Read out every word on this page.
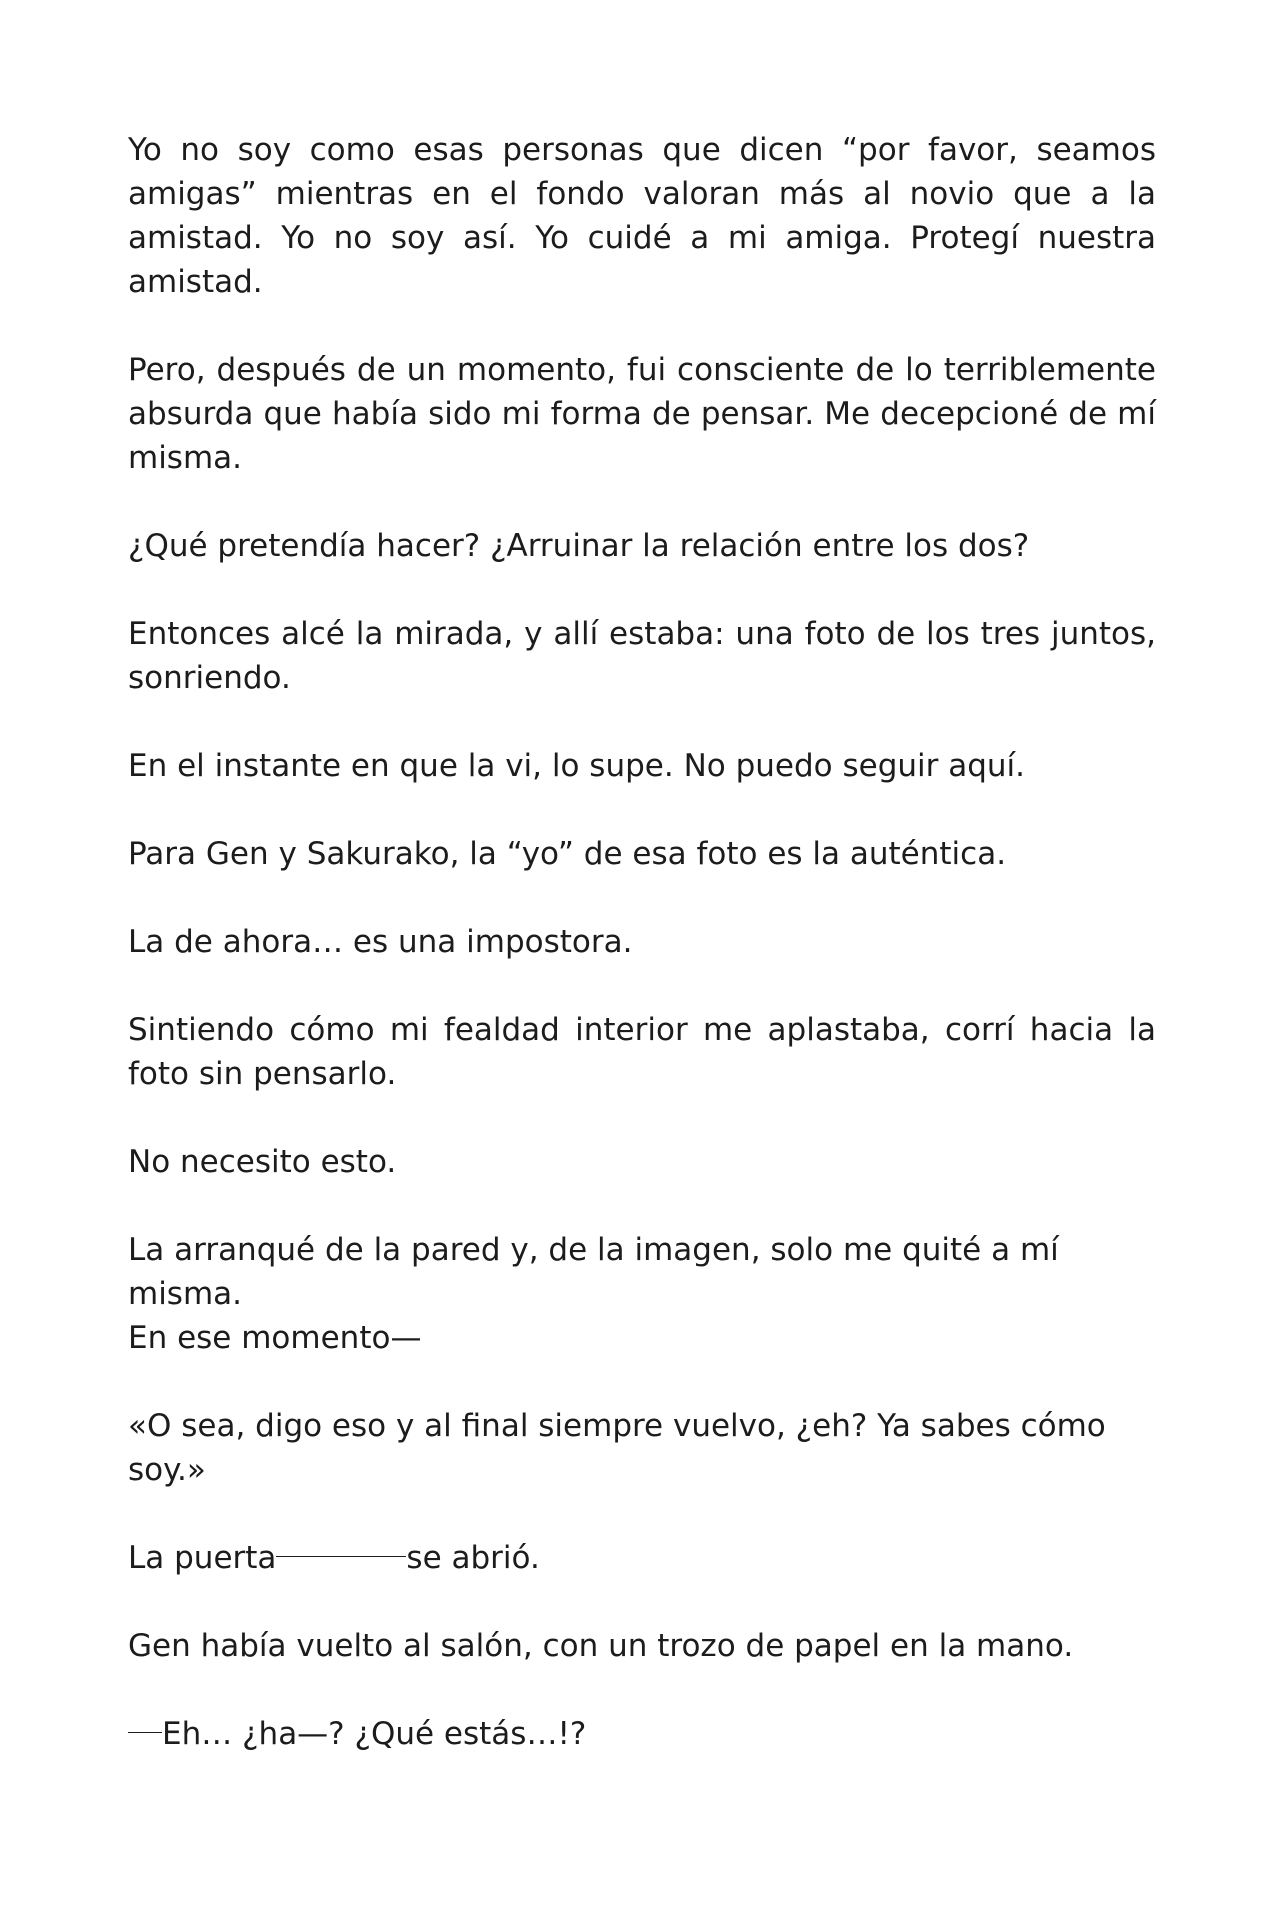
Yo no soy como esas personas que dicen “por favor, seamos amigas” mientras en el fondo valoran más al novio que a la amistad. Yo no soy así. Yo cuidé a mi amiga. Protegí nuestra amistad.

Pero, después de un momento, fui consciente de lo terriblemente absurda que había sido mi forma de pensar. Me decepcioné de mí misma.

¿Qué pretendía hacer? ¿Arruinar la relación entre los dos?

Entonces alcé la mirada, y allí estaba: una foto de los tres juntos, sonriendo.

En el instante en que la vi, lo supe. No puedo seguir aquí.

Para Gen y Sakurako, la “yo” de esa foto es la auténtica.

La de ahora… es una impostora.

Sintiendo cómo mi fealdad interior me aplastaba, corrí hacia la foto sin pensarlo.

No necesito esto.

La arranqué de la pared y, de la imagen, solo me quité a mí misma.
En ese momento—

«O sea, digo eso y al final siempre vuelvo, ¿eh? Ya sabes cómo soy.»

La puerta	se abrió.

Gen había vuelto al salón, con un trozo de papel en la mano.

Eh… ¿ha—? ¿Qué estás…!?
